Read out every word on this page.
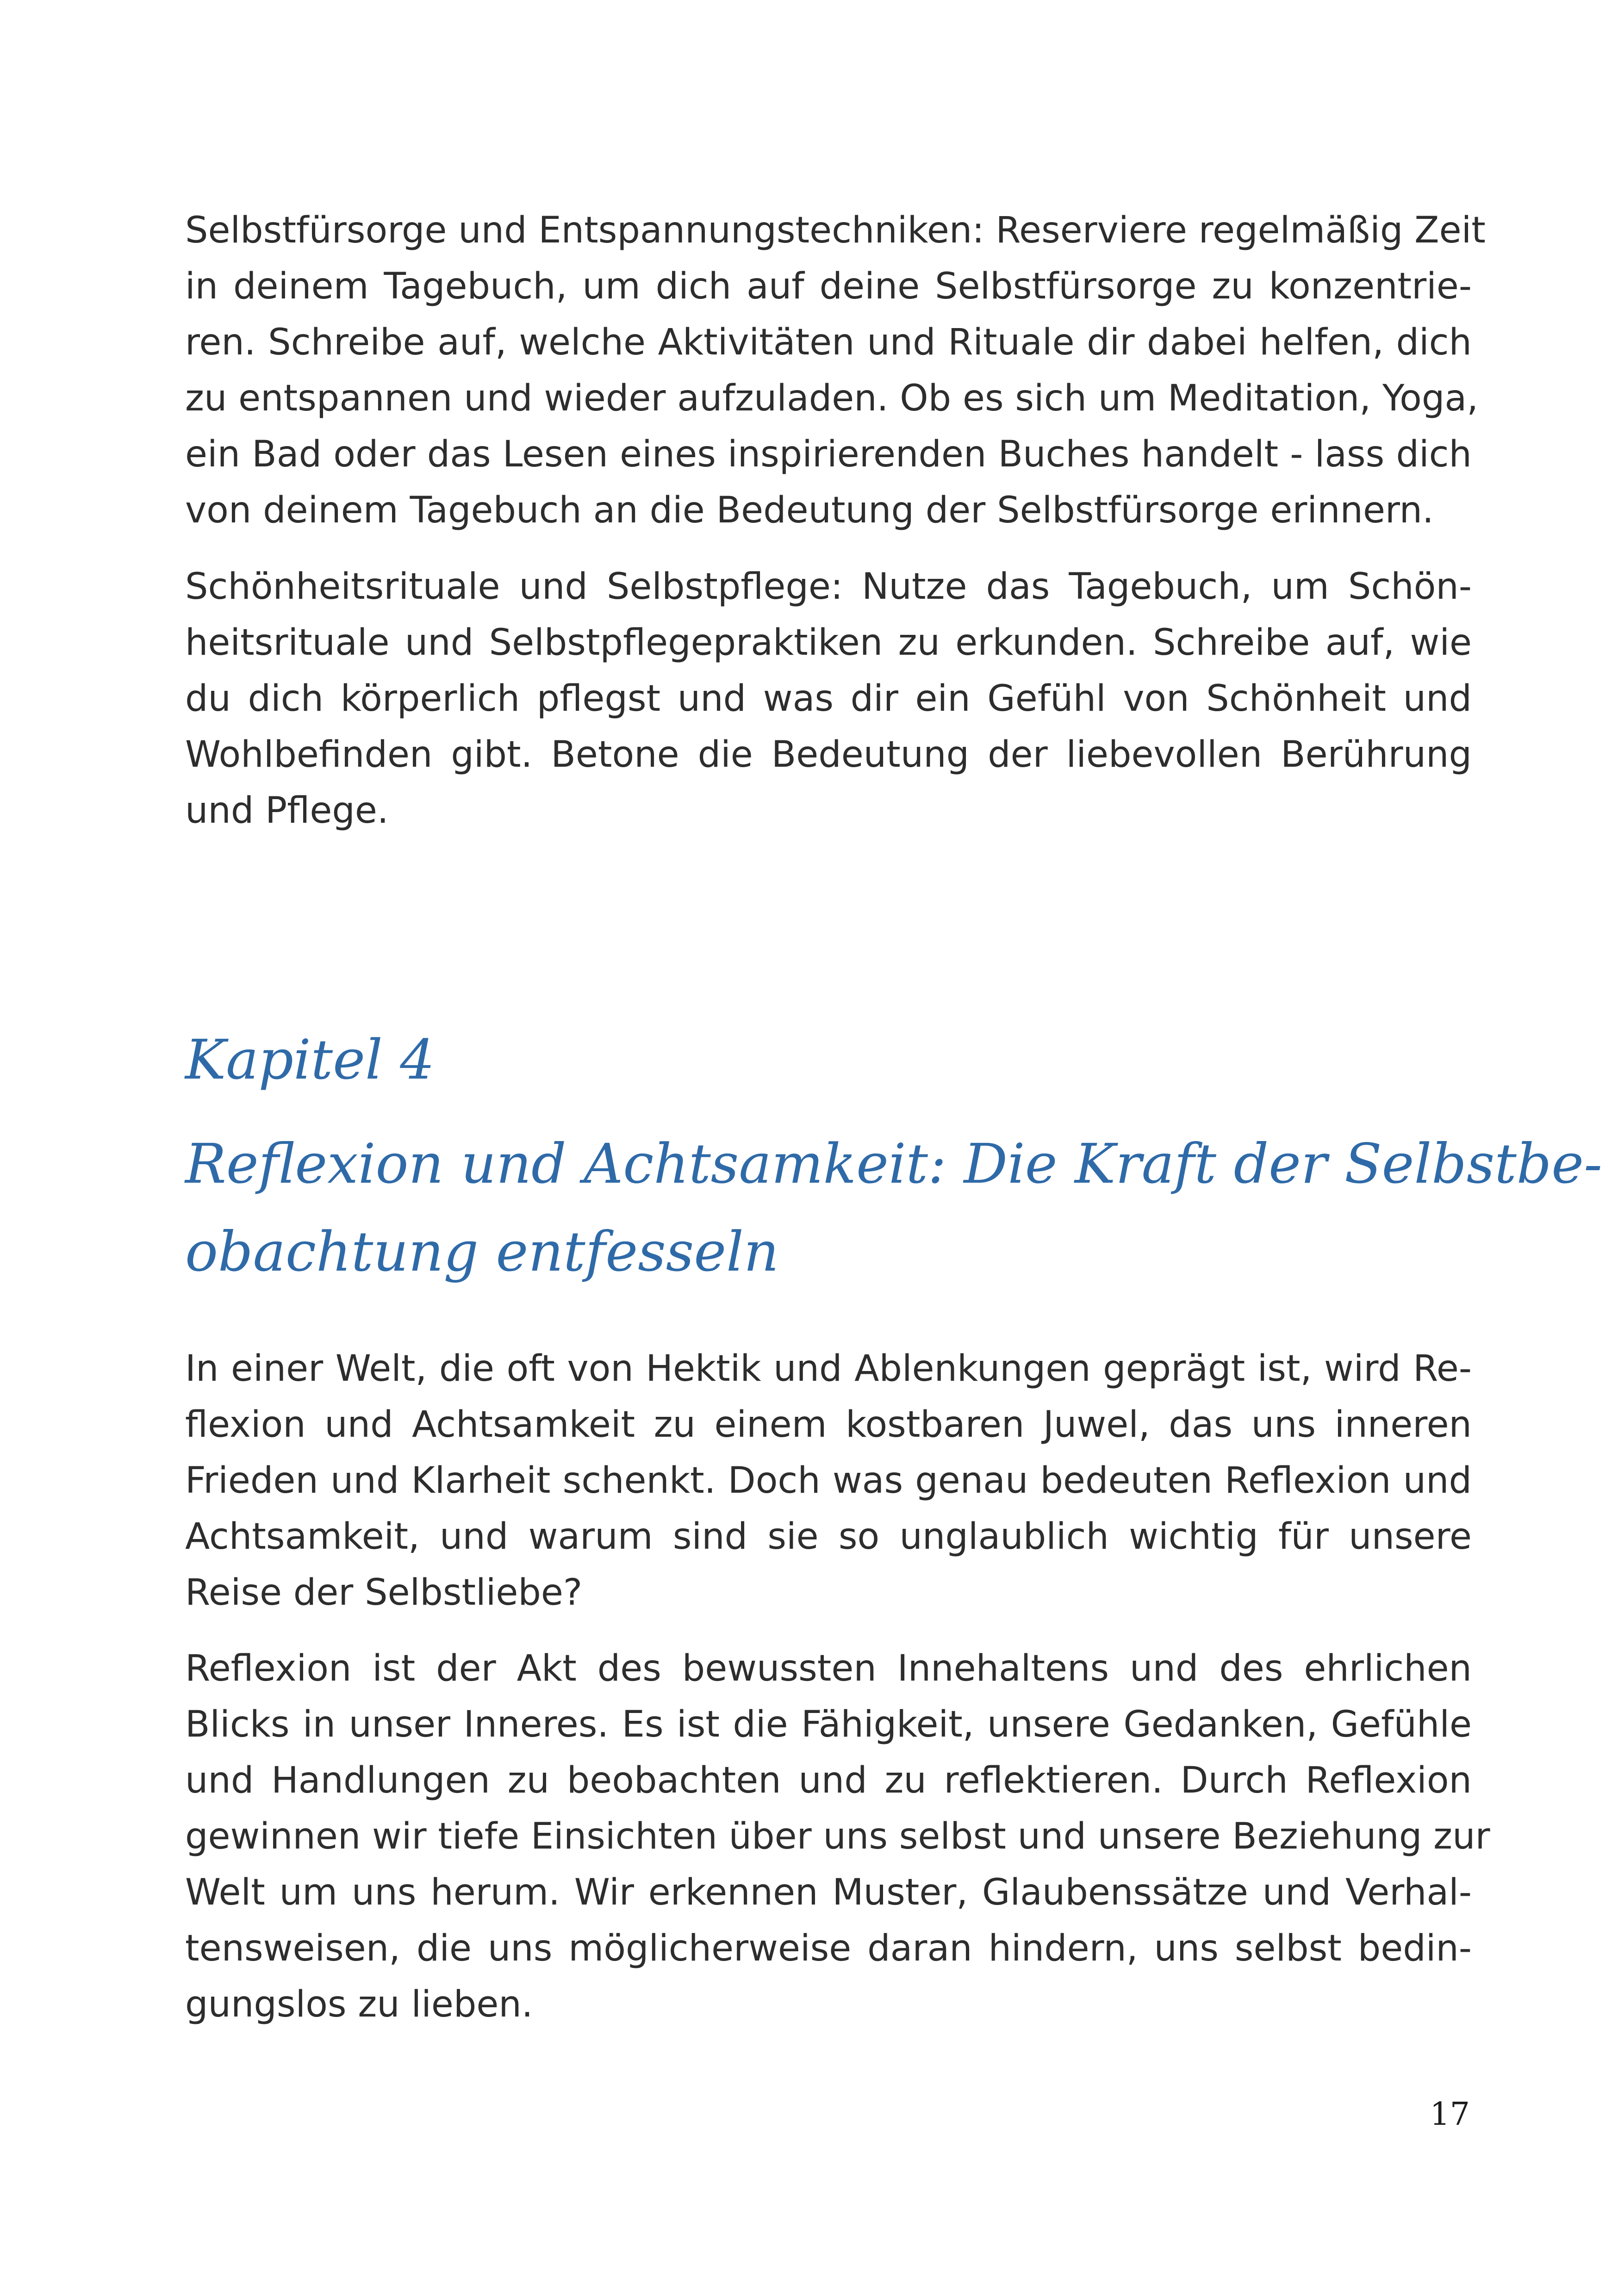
Selbstfürsorge und Entspannungstechniken: Reserviere regelmäßig Zeit
in deinem Tagebuch, um dich auf deine Selbstfürsorge zu konzentrie-
ren. Schreibe auf, welche Aktivitäten und Rituale dir dabei helfen, dich
zu entspannen und wieder aufzuladen. Ob es sich um Meditation, Yoga,
ein Bad oder das Lesen eines inspirierenden Buches handelt - lass dich
von deinem Tagebuch an die Bedeutung der Selbstfürsorge erinnern.
Schönheitsrituale und Selbstpflege: Nutze das Tagebuch, um Schön-
heitsrituale und Selbstpflegepraktiken zu erkunden. Schreibe auf, wie
du dich körperlich pflegst und was dir ein Gefühl von Schönheit und
Wohlbefinden gibt. Betone die Bedeutung der liebevollen Berührung
und Pflege.
Kapitel 4
Reflexion und Achtsamkeit: Die Kraft der Selbstbe-
obachtung entfesseln
In einer Welt, die oft von Hektik und Ablenkungen geprägt ist, wird Re-
flexion und Achtsamkeit zu einem kostbaren Juwel, das uns inneren
Frieden und Klarheit schenkt. Doch was genau bedeuten Reflexion und
Achtsamkeit, und warum sind sie so unglaublich wichtig für unsere
Reise der Selbstliebe?
Reflexion ist der Akt des bewussten Innehaltens und des ehrlichen
Blicks in unser Inneres. Es ist die Fähigkeit, unsere Gedanken, Gefühle
und Handlungen zu beobachten und zu reflektieren. Durch Reflexion
gewinnen wir tiefe Einsichten über uns selbst und unsere Beziehung zur
Welt um uns herum. Wir erkennen Muster, Glaubenssätze und Verhal-
tensweisen, die uns möglicherweise daran hindern, uns selbst bedin-
gungslos zu lieben.
17
